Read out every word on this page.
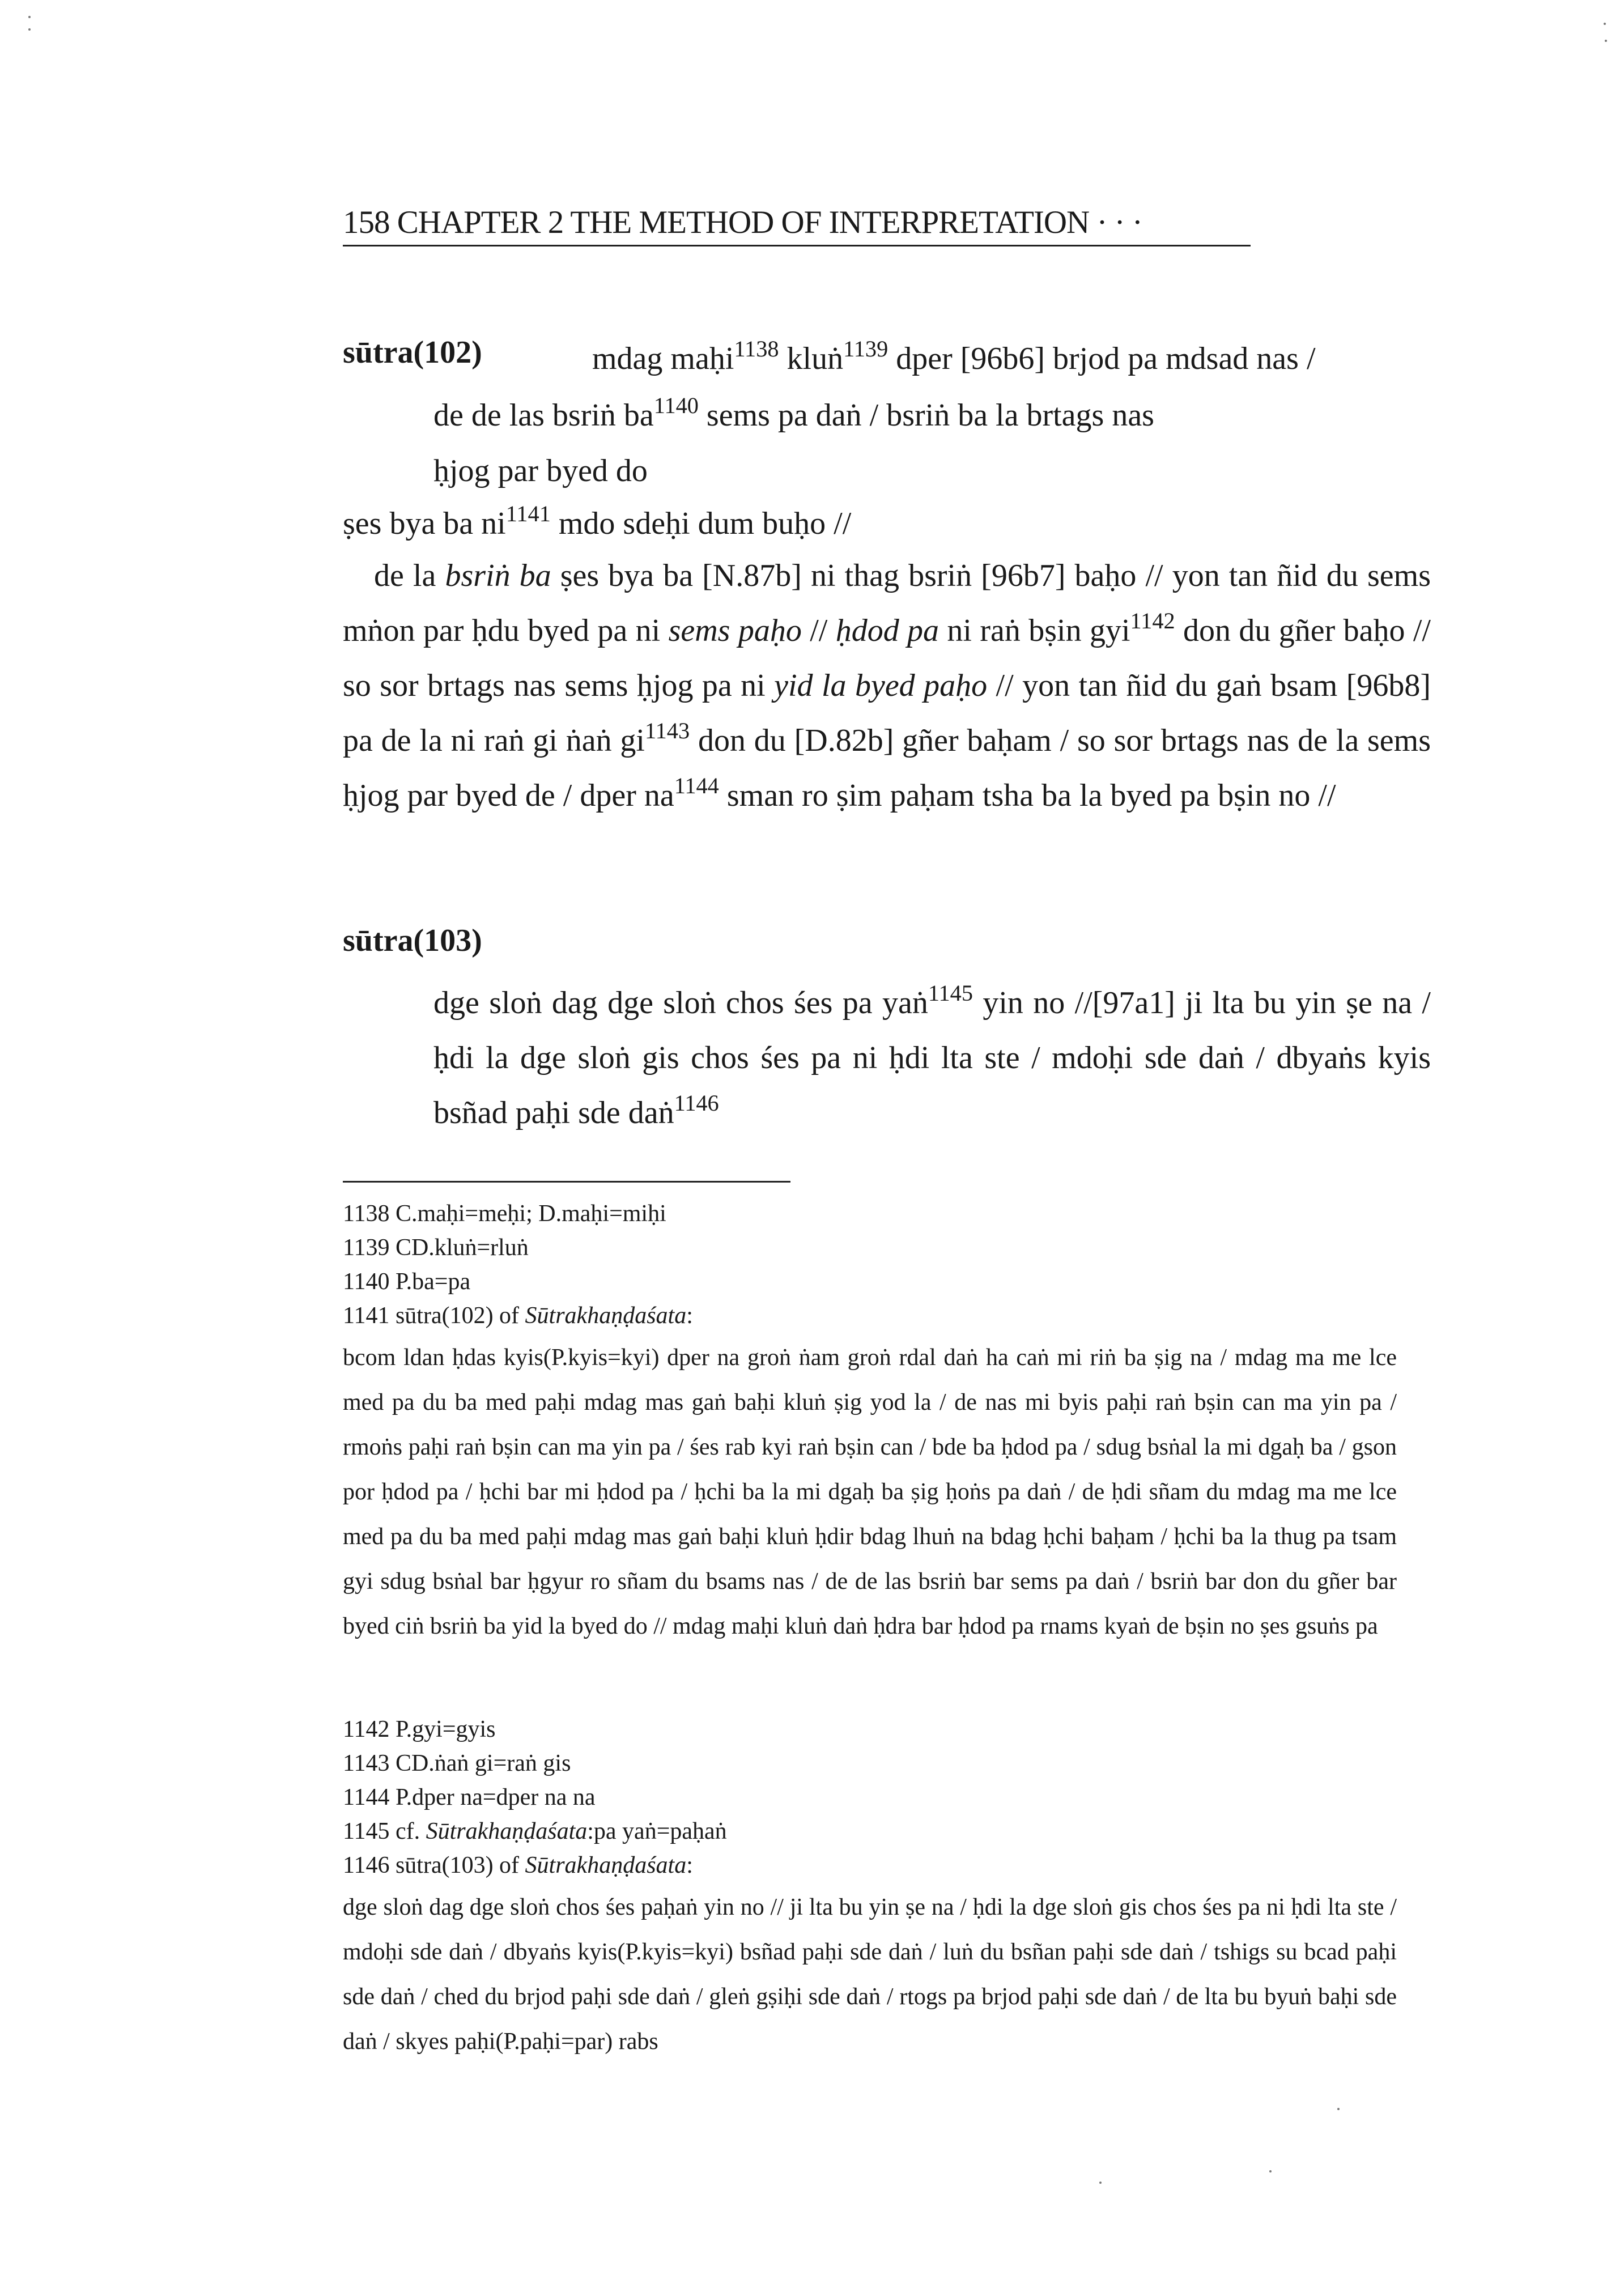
158 CHAPTER 2 THE METHOD OF INTERPRETATION · · ·
sūtra(102)	mdag maḥi$^{1138}$ kluṅ$^{1139}$ dper [96b6] brjod pa mdsad nas /
de de las bsriṅ $ba^{1140}$ sems pa daṅ / bsriṅ ba la brtags nas
ḥjog par byed do
ṣes bya ba $ni^{1141}$ mdo sdeḥi dum buḥo //
de la bsriṅ ba ṣes bya ba [N.87b] ni thag bsriṅ [96b7] baḥo // yon tan ñid du sems mṅon par ḥdu byed pa ni sems paḥo // ḥdod pa ni raṅ bṣin gyi$^{1142}$ don du gñer baḥo // so sor brtags nas sems ḥjog pa ni yid la byed paḥo // yon tan ñid du gaṅ bsam [96b8] pa de la ni raṅ gi ṅaṅ $gi^{1143}$ don du [D.82b] gñer baḥam / so sor brtags nas de la sems ḥjog par byed de / dper $na^{1144}$ sman ro ṣim paḥam tsha ba la byed pa bṣin no //
sūtra(103)
dge sloṅ dag dge sloṅ chos śes pa yaṅ$^{1145}$ yin no //[97a1] ji lta bu yin ṣe na / ḥdi la dge sloṅ gis chos śes pa ni ḥdi lta ste / mdoḥi sde daṅ / dbyaṅs kyis bsñad paḥi sde daṅ$^{1146}$
1138 C.maḥi=meḥi; D.maḥi=miḥi
1139 CD.kluṅ=rluṅ
1140 P.ba=pa
1141 sūtra(102) of Sūtrakhaṇḍaśata:
bcom ldan ḥdas kyis(P.kyis=kyi) dper na groṅ ṅam groṅ rdal daṅ ha caṅ mi riṅ ba ṣig na / mdag ma me lce med pa du ba med paḥi mdag mas gaṅ baḥi kluṅ ṣig yod la / de nas mi byis paḥi raṅ bṣin can ma yin pa / rmoṅs paḥi raṅ bṣin can ma yin pa / śes rab kyi raṅ bṣin can / bde ba ḥdod pa / sdug bsṅal la mi dgaḥ ba / gson por ḥdod pa / ḥchi bar mi ḥdod pa / ḥchi ba la mi dgaḥ ba ṣig ḥoṅs pa daṅ / de ḥdi sñam du mdag ma me lce med pa du ba med paḥi mdag mas gaṅ baḥi kluṅ ḥdir bdag lhuṅ na bdag ḥchi baḥam / ḥchi ba la thug pa tsam gyi sdug bsṅal bar ḥgyur ro sñam du bsams nas / de de las bsriṅ bar sems pa daṅ / bsriṅ bar don du gñer bar byed ciṅ bsriṅ ba yid la byed do // mdag maḥi kluṅ daṅ ḥdra bar ḥdod pa rnams kyaṅ de bṣin no ṣes gsuṅs pa
1142 P.gyi=gyis
1143 CD.ṅaṅ gi=raṅ gis
1144 P.dper na=dper na na
1145 cf. Sūtrakhaṇḍaśata:pa yaṅ=paḥaṅ
1146 sūtra(103) of Sūtrakhaṇḍaśata:
dge sloṅ dag dge sloṅ chos śes paḥaṅ yin no // ji lta bu yin ṣe na / ḥdi la dge sloṅ gis chos śes pa ni ḥdi lta ste / mdoḥi sde daṅ / dbyaṅs kyis(P.kyis=kyi) bsñad paḥi sde daṅ / luṅ du bsñan paḥi sde daṅ / tshigs su bcad paḥi sde daṅ / ched du brjod paḥi sde daṅ / gleṅ gṣiḥi sde daṅ / rtogs pa brjod paḥi sde daṅ / de lta bu byuṅ baḥi sde daṅ / skyes paḥi(P.paḥi=par) rabs
